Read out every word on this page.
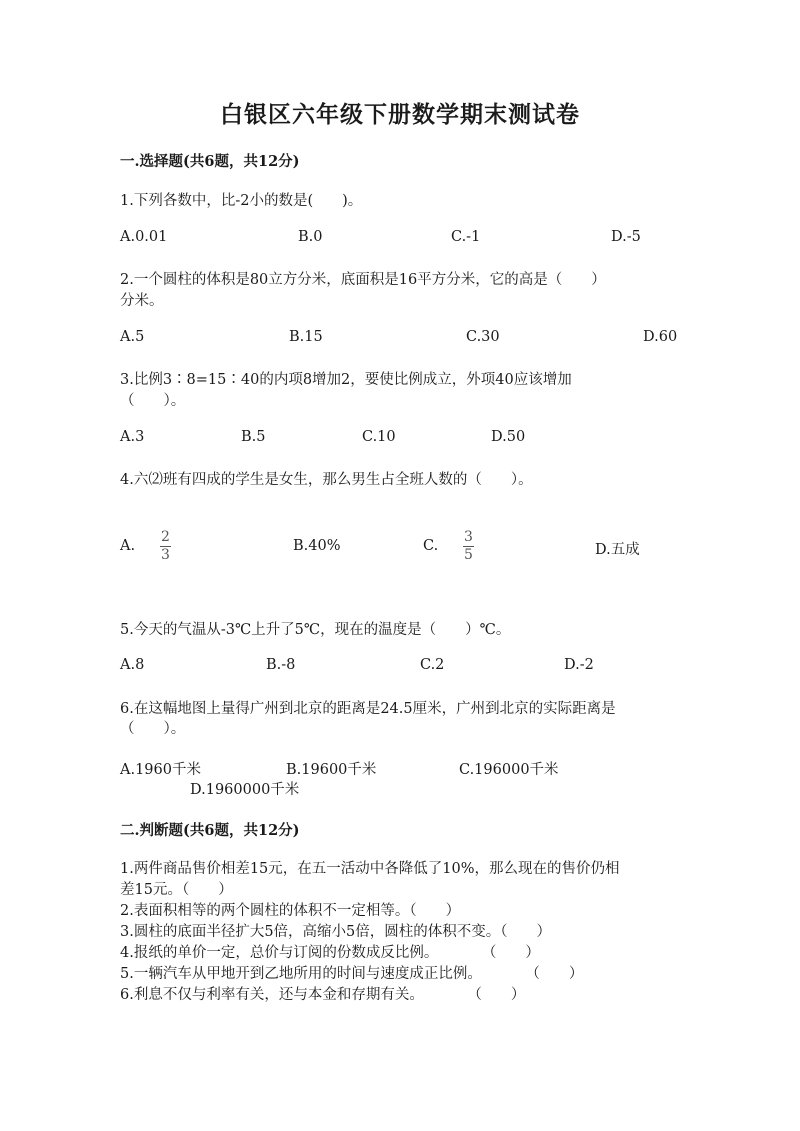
白银区六年级下册数学期末测试卷
一.选择题(共6题，共12分)
1.下列各数中，比-2小的数是(　　)。
A.0.01	B.0	C.-1	D.-5
2.一个圆柱的体积是80立方分米，底面积是16平方分米，它的高是（　　）
分米。
A.5	B.15	C.30	D.60
3.比例3∶8=15∶40的内项8增加2，要使比例成立，外项40应该增加
（　　）。
A.3	B.5	C.10	D.50
4.六⑵班有四成的学生是女生，那么男生占全班人数的（　　）。
A.
2
3
B.40%	C.
3
5	D.五成
5.今天的气温从-3℃上升了5℃，现在的温度是（　　）℃。
A.8	B.-8	C.2	D.-2
6.在这幅地图上量得广州到北京的距离是24.5厘米，广州到北京的实际距离是
（　　）。
A.1960千米	B.19600千米	C.196000千米
D.1960000千米
二.判断题(共6题，共12分)
1.两件商品售价相差15元，在五一活动中各降低了10%，那么现在的售价仍相
差15元。（　　）
2.表面积相等的两个圆柱的体积不一定相等。（　　）
3.圆柱的底面半径扩大5倍，高缩小5倍，圆柱的体积不变。（　　）
4.报纸的单价一定，总价与订阅的份数成反比例。　　　　（　　）
5.一辆汽车从甲地开到乙地所用的时间与速度成正比例。　　　　（　　）
6.利息不仅与利率有关，还与本金和存期有关。　　　　（　　）
